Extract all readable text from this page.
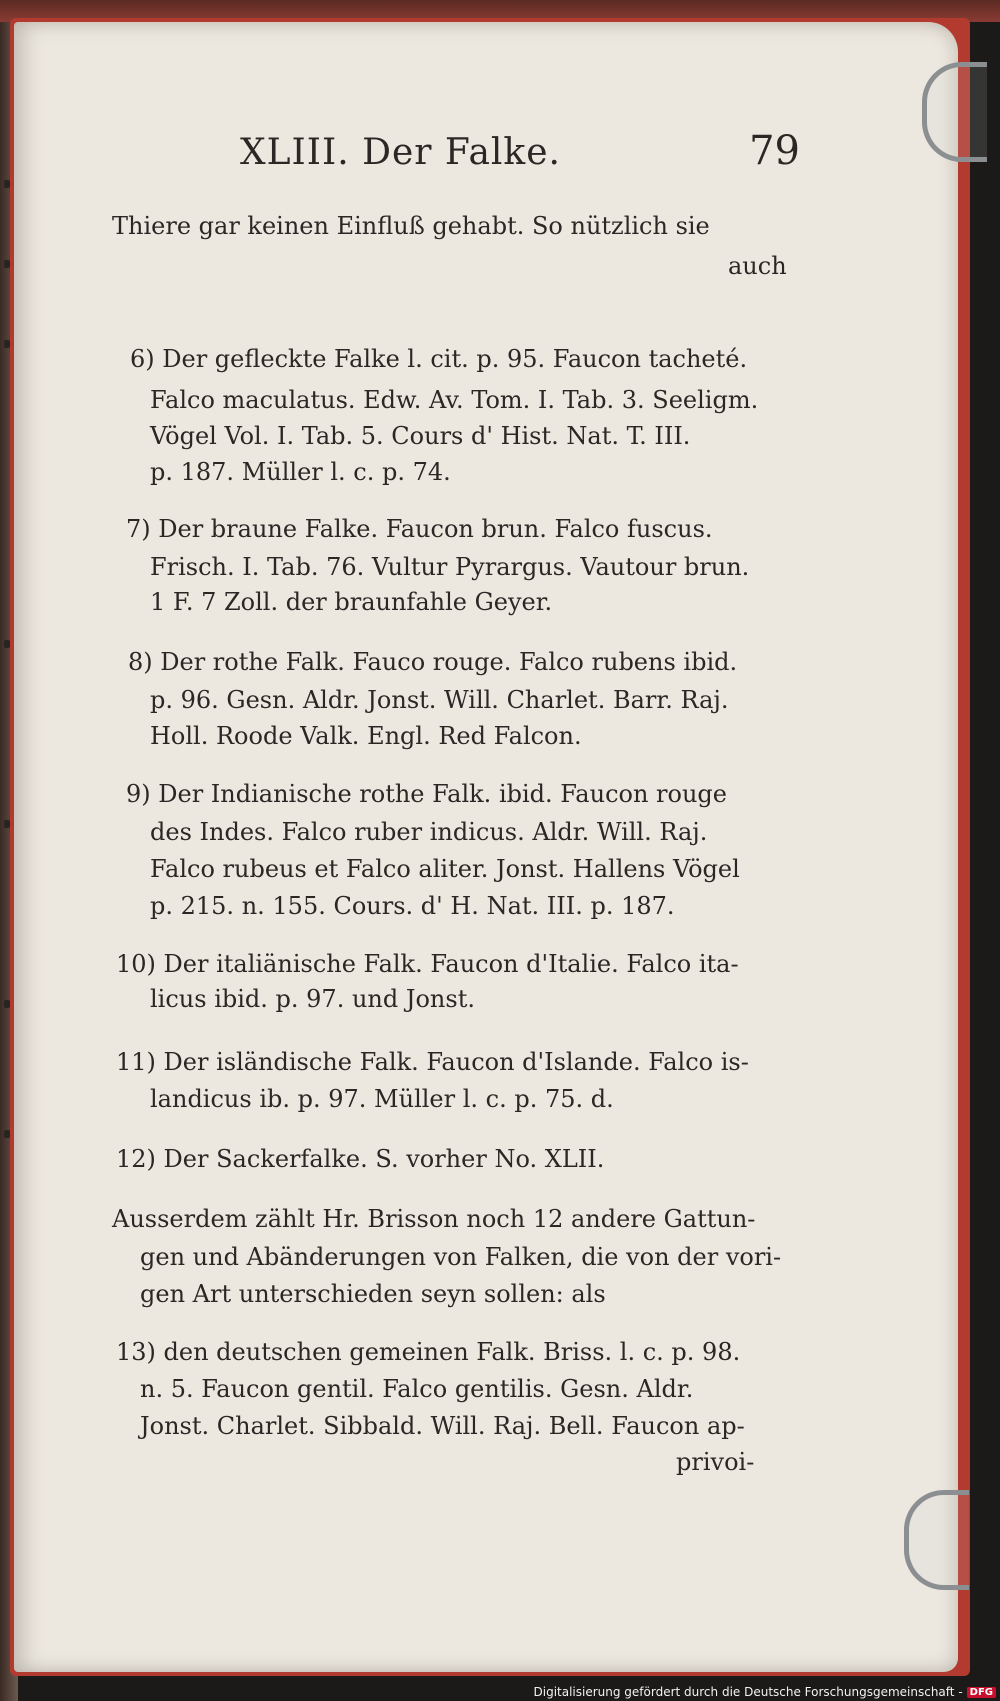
XLIII. Der Falke.	79
Thiere gar keinen Einfluß gehabt. So nützlich sie
auch
6) Der gefleckte Falke l. cit. p. 95. Faucon tacheté.
Falco maculatus. Edw. Av. Tom. I. Tab. 3. Seeligm.
Vögel Vol. I. Tab. 5. Cours d' Hist. Nat. T. III.
p. 187. Müller l. c. p. 74.
7) Der braune Falke. Faucon brun. Falco fuscus.
Frisch. I. Tab. 76. Vultur Pyrargus. Vautour brun.
1 F. 7 Zoll. der braunfahle Geyer.
8) Der rothe Falk. Fauco rouge. Falco rubens ibid.
p. 96. Gesn. Aldr. Jonst. Will. Charlet. Barr. Raj.
Holl. Roode Valk. Engl. Red Falcon.
9) Der Indianische rothe Falk. ibid. Faucon rouge
des Indes. Falco ruber indicus. Aldr. Will. Raj.
Falco rubeus et Falco aliter. Jonst. Hallens Vögel
p. 215. n. 155. Cours. d' H. Nat. III. p. 187.
10) Der italiänische Falk. Faucon d'Italie. Falco ita-
licus ibid. p. 97. und Jonst.
11) Der isländische Falk. Faucon d'Islande. Falco is-
landicus ib. p. 97. Müller l. c. p. 75. d.
12) Der Sackerfalke. S. vorher No. XLII.
Ausserdem zählt Hr. Brisson noch 12 andere Gattun-
gen und Abänderungen von Falken, die von der vori-
gen Art unterschieden seyn sollen: als
13) den deutschen gemeinen Falk. Briss. l. c. p. 98.
n. 5. Faucon gentil. Falco gentilis. Gesn. Aldr.
Jonst. Charlet. Sibbald. Will. Raj. Bell. Faucon ap-
privoi-
Digitalisierung gefördert durch die Deutsche Forschungsgemeinschaft - DFG
